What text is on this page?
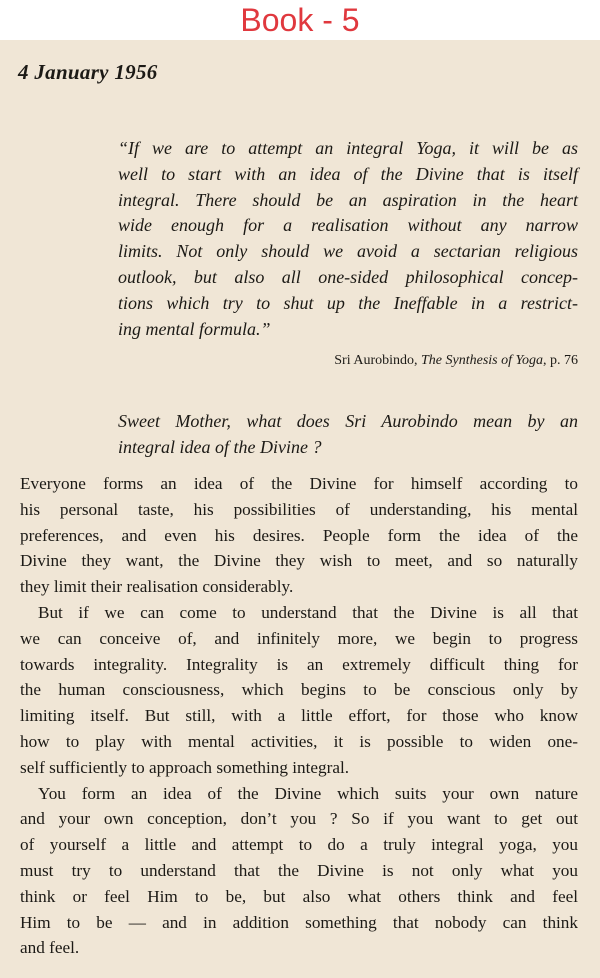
Book - 5
4 January 1956
“If we are to attempt an integral Yoga, it will be as
well to start with an idea of the Divine that is itself
integral. There should be an aspiration in the heart
wide enough for a realisation without any narrow
limits. Not only should we avoid a sectarian religious
outlook, but also all one-sided philosophical concep-
tions which try to shut up the Ineffable in a restrict-
ing mental formula.”
Sri Aurobindo, The Synthesis of Yoga, p. 76
Sweet Mother, what does Sri Aurobindo mean by an
integral idea of the Divine ?
Everyone forms an idea of the Divine for himself according to
his personal taste, his possibilities of understanding, his mental
preferences, and even his desires. People form the idea of the
Divine they want, the Divine they wish to meet, and so naturally
they limit their realisation considerably.
But if we can come to understand that the Divine is all that
we can conceive of, and infinitely more, we begin to progress
towards integrality. Integrality is an extremely difficult thing for
the human consciousness, which begins to be conscious only by
limiting itself. But still, with a little effort, for those who know
how to play with mental activities, it is possible to widen one-
self sufficiently to approach something integral.
You form an idea of the Divine which suits your own nature
and your own conception, don’t you ? So if you want to get out
of yourself a little and attempt to do a truly integral yoga, you
must try to understand that the Divine is not only what you
think or feel Him to be, but also what others think and feel
Him to be — and in addition something that nobody can think
and feel.
